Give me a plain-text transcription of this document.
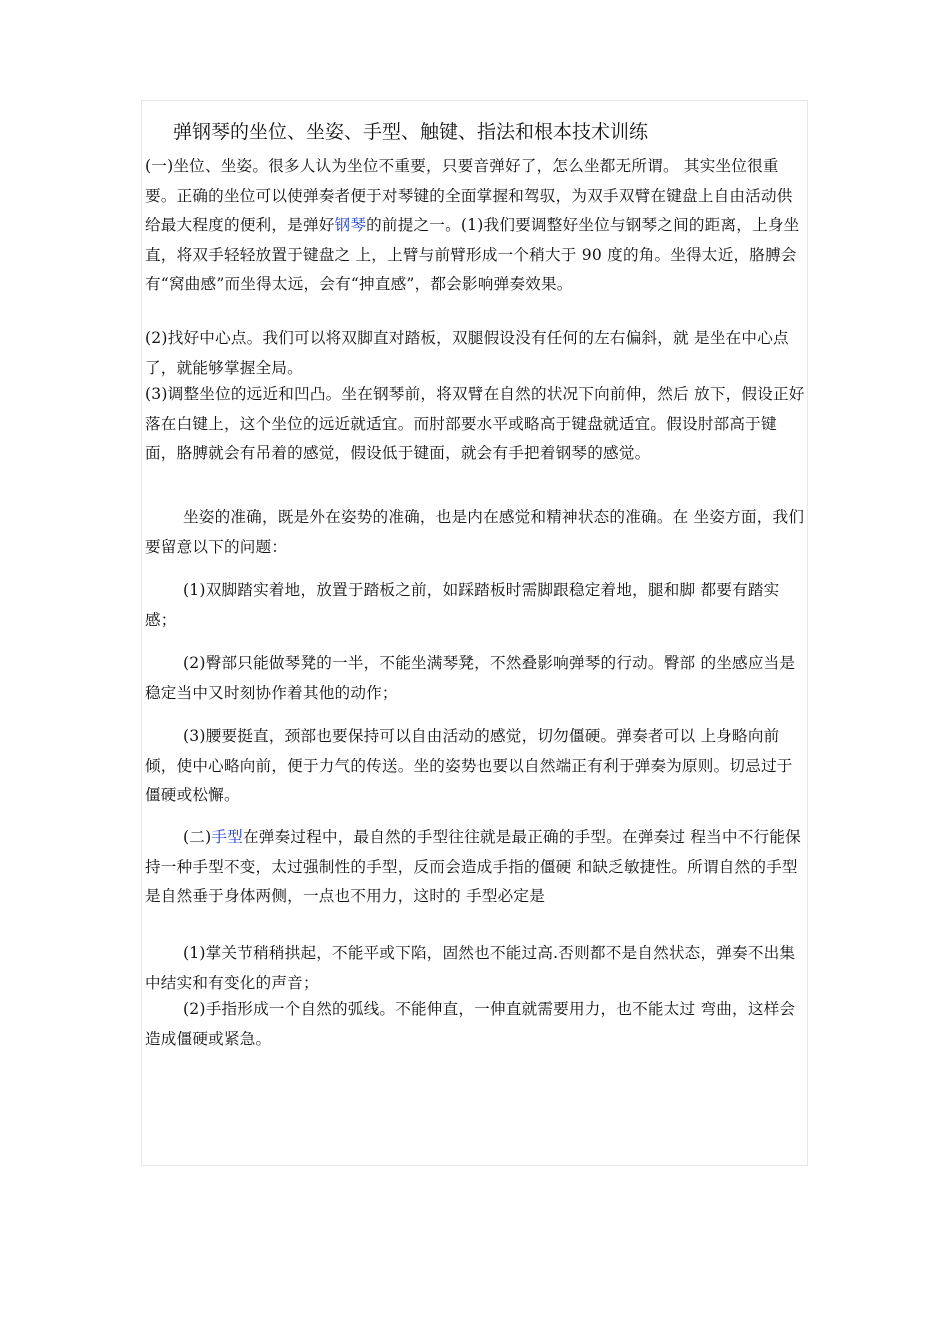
弹钢琴的坐位、坐姿、手型、触键、指法和根本技术训练

(一)坐位、坐姿。很多人认为坐位不重要，只要音弹好了，怎么坐都无所谓。 其实坐位很重要。正确的坐位可以使弹奏者便于对琴键的全面掌握和驾驭，为双手双臂在键盘上自由活动供给最大程度的便利，是弹好钢琴的前提之一。(1)我们要调整好坐位与钢琴之间的距离，上身坐直，将双手轻轻放置于键盘之 上，上臂与前臂形成一个稍大于 90 度的角。坐得太近，胳膊会有“窝曲感”而坐得太远，会有“抻直感”，都会影响弹奏效果。

(2)找好中心点。我们可以将双脚直对踏板，双腿假设没有任何的左右偏斜，就 是坐在中心点了，就能够掌握全局。

(3)调整坐位的远近和凹凸。坐在钢琴前，将双臂在自然的状况下向前伸，然后 放下，假设正好落在白键上，这个坐位的远近就适宜。而肘部要水平或略高于键盘就适宜。假设肘部高于键面，胳膊就会有吊着的感觉，假设低于键面，就会有手把着钢琴的感觉。

坐姿的准确，既是外在姿势的准确，也是内在感觉和精神状态的准确。在 坐姿方面，我们要留意以下的问题：

(1)双脚踏实着地，放置于踏板之前，如踩踏板时需脚跟稳定着地，腿和脚 都要有踏实感；

(2)臀部只能做琴凳的一半，不能坐满琴凳，不然叠影响弹琴的行动。臀部 的坐感应当是稳定当中又时刻协作着其他的动作；

(3)腰要挺直，颈部也要保持可以自由活动的感觉，切勿僵硬。弹奏者可以 上身略向前倾，使中心略向前，便于力气的传送。坐的姿势也要以自然端正有利于弹奏为原则。切忌过于僵硬或松懈。

(二)手型在弹奏过程中，最自然的手型往往就是最正确的手型。在弹奏过 程当中不行能保持一种手型不变，太过强制性的手型，反而会造成手指的僵硬 和缺乏敏捷性。所谓自然的手型是自然垂于身体两侧，一点也不用力，这时的 手型必定是

(1)掌关节稍稍拱起，不能平或下陷，固然也不能过高.否则都不是自然状态，弹奏不出集中结实和有变化的声音；

(2)手指形成一个自然的弧线。不能伸直，一伸直就需要用力，也不能太过 弯曲，这样会造成僵硬或紧急。
